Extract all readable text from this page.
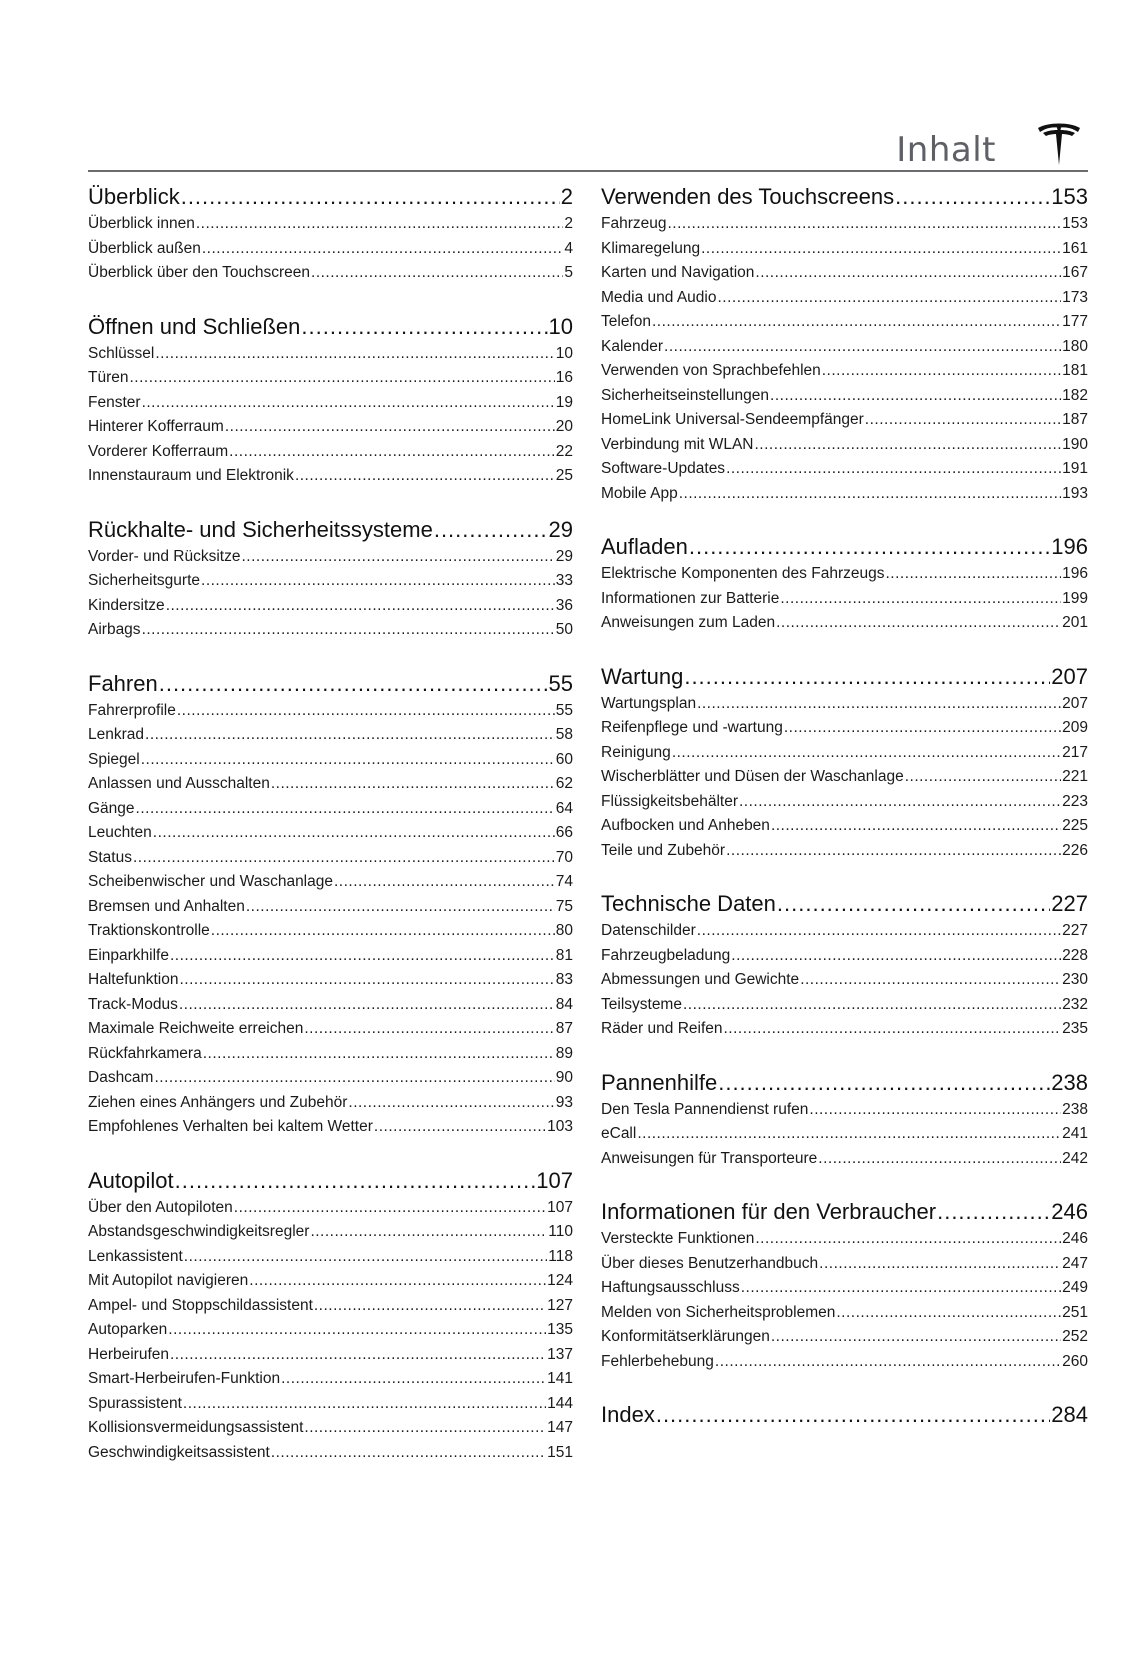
Inhalt
Überblick .....	2
Überblick innen .....	2
Überblick außen .....	4
Überblick über den Touchscreen .....	5
Öffnen und Schließen .....	10
Schlüssel .....	10
Türen .....	16
Fenster .....	19
Hinterer Kofferraum .....	20
Vorderer Kofferraum .....	22
Innenstauraum und Elektronik .....	25
Rückhalte- und Sicherheitssysteme .....	29
Vorder- und Rücksitze .....	29
Sicherheitsgurte .....	33
Kindersitze .....	36
Airbags .....	50
Fahren .....	55
Fahrerprofile .....	55
Lenkrad .....	58
Spiegel .....	60
Anlassen und Ausschalten .....	62
Gänge .....	64
Leuchten .....	66
Status .....	70
Scheibenwischer und Waschanlage .....	74
Bremsen und Anhalten .....	75
Traktionskontrolle .....	80
Einparkhilfe .....	81
Haltefunktion .....	83
Track-Modus .....	84
Maximale Reichweite erreichen .....	87
Rückfahrkamera .....	89
Dashcam .....	90
Ziehen eines Anhängers und Zubehör .....	93
Empfohlenes Verhalten bei kaltem Wetter .....	103
Autopilot .....	107
Über den Autopiloten .....	107
Abstandsgeschwindigkeitsregler .....	110
Lenkassistent .....	118
Mit Autopilot navigieren .....	124
Ampel- und Stoppschildassistent .....	127
Autoparken .....	135
Herbeirufen .....	137
Smart-Herbeirufen-Funktion .....	141
Spurassistent .....	144
Kollisionsvermeidungsassistent .....	147
Geschwindigkeitsassistent .....	151
Verwenden des Touchscreens .....	153
Fahrzeug .....	153
Klimaregelung .....	161
Karten und Navigation .....	167
Media und Audio .....	173
Telefon .....	177
Kalender .....	180
Verwenden von Sprachbefehlen .....	181
Sicherheitseinstellungen .....	182
HomeLink Universal-Sendeempfänger .....	187
Verbindung mit WLAN .....	190
Software-Updates .....	191
Mobile App .....	193
Aufladen .....	196
Elektrische Komponenten des Fahrzeugs .....	196
Informationen zur Batterie .....	199
Anweisungen zum Laden .....	201
Wartung .....	207
Wartungsplan .....	207
Reifenpflege und -wartung .....	209
Reinigung .....	217
Wischerblätter und Düsen der Waschanlage .....	221
Flüssigkeitsbehälter .....	223
Aufbocken und Anheben .....	225
Teile und Zubehör .....	226
Technische Daten .....	227
Datenschilder .....	227
Fahrzeugbeladung .....	228
Abmessungen und Gewichte .....	230
Teilsysteme .....	232
Räder und Reifen .....	235
Pannenhilfe .....	238
Den Tesla Pannendienst rufen .....	238
eCall .....	241
Anweisungen für Transporteure .....	242
Informationen für den Verbraucher .....	246
Versteckte Funktionen .....	246
Über dieses Benutzerhandbuch .....	247
Haftungsausschluss .....	249
Melden von Sicherheitsproblemen .....	251
Konformitätserklärungen .....	252
Fehlerbehebung .....	260
Index .....	284
